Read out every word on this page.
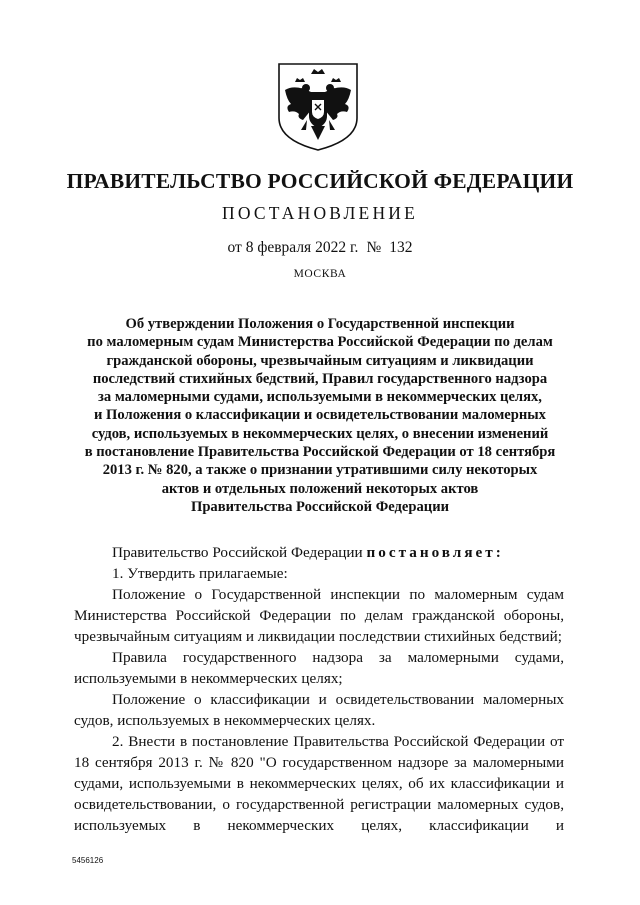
ПРАВИТЕЛЬСТВО РОССИЙСКОЙ ФЕДЕРАЦИИ
ПОСТАНОВЛЕНИЕ
от 8 февраля 2022 г. № 132
МОСКВА
Об утверждении Положения о Государственной инспекции
по маломерным судам Министерства Российской Федерации по делам
гражданской обороны, чрезвычайным ситуациям и ликвидации
последствий стихийных бедствий, Правил государственного надзора
за маломерными судами, используемыми в некоммерческих целях,
и Положения о классификации и освидетельствовании маломерных
судов, используемых в некоммерческих целях, о внесении изменений
в постановление Правительства Российской Федерации от 18 сентября
2013 г. № 820, а также о признании утратившими силу некоторых
актов и отдельных положений некоторых актов
Правительства Российской Федерации

Правительство Российской Федерации постановляет:

1. Утвердить прилагаемые:

Положение о Государственной инспекции по маломерным судам Министерства Российской Федерации по делам гражданской обороны, чрезвычайным ситуациям и ликвидации последствии стихийных бедствий;

Правила государственного надзора за маломерными судами, используемыми в некоммерческих целях;

Положение о классификации и освидетельствовании маломерных судов, используемых в некоммерческих целях.

2. Внести в постановление Правительства Российской Федерации от 18 сентября 2013 г. № 820 "О государственном надзоре за маломерными судами, используемыми в некоммерческих целях, об их классификации и освидетельствовании, о государственной регистрации маломерных судов, используемых в некоммерческих целях, классификации и

5456126
